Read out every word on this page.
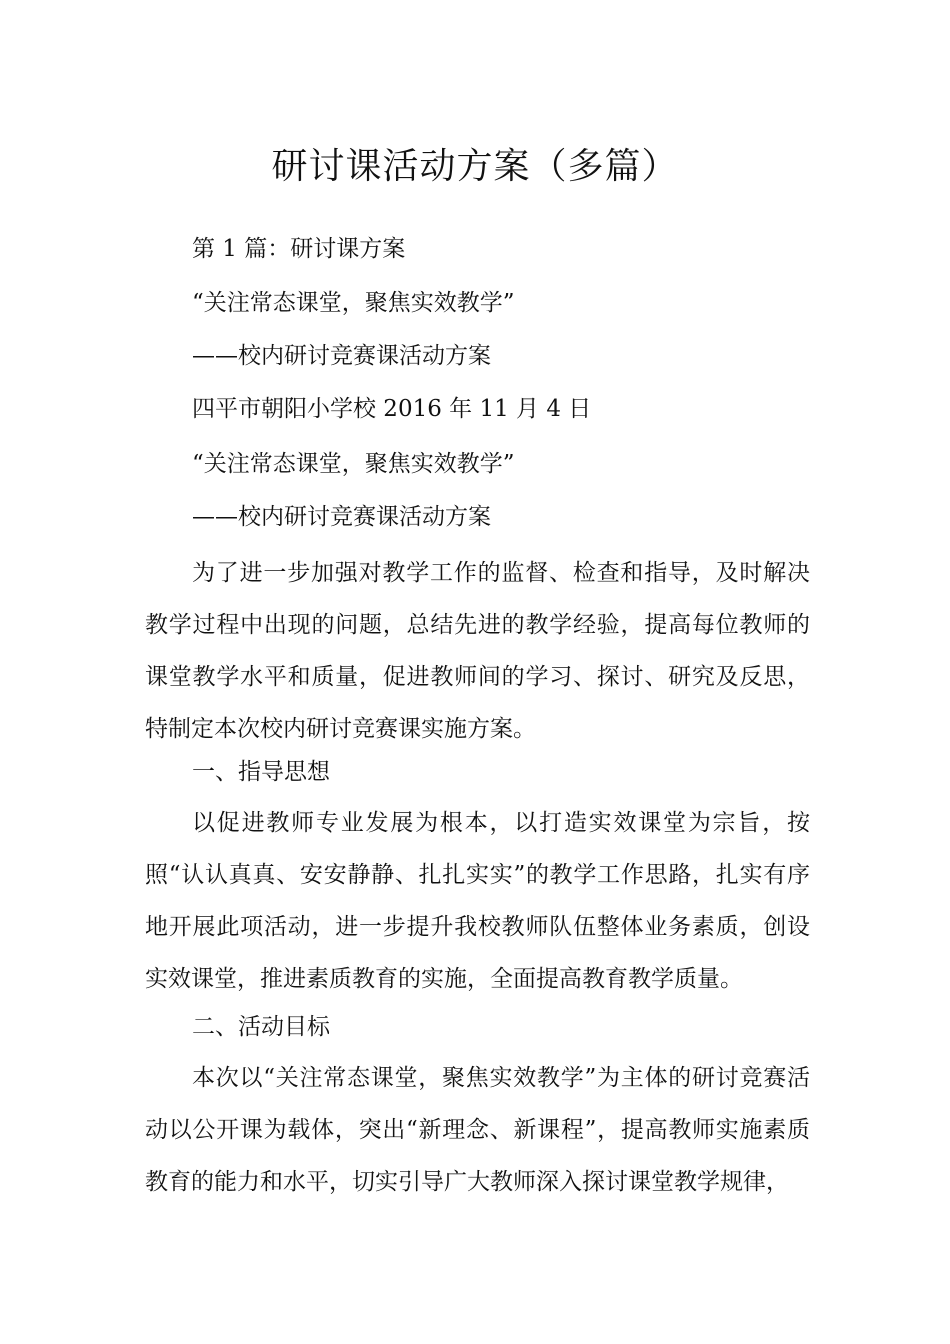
研讨课活动方案（多篇）
第 1 篇：研讨课方案
“关注常态课堂，聚焦实效教学”
——校内研讨竞赛课活动方案
四平市朝阳小学校 2016 年 11 月 4 日
“关注常态课堂，聚焦实效教学”
——校内研讨竞赛课活动方案

为了进一步加强对教学工作的监督、检查和指导，及时解决教学过程中出现的问题，总结先进的教学经验，提高每位教师的课堂教学水平和质量，促进教师间的学习、探讨、研究及反思，特制定本次校内研讨竞赛课实施方案。

一、指导思想

以促进教师专业发展为根本，以打造实效课堂为宗旨，按照“认认真真、安安静静、扎扎实实”的教学工作思路，扎实有序地开展此项活动，进一步提升我校教师队伍整体业务素质，创设实效课堂，推进素质教育的实施，全面提高教育教学质量。

二、活动目标

本次以“关注常态课堂，聚焦实效教学”为主体的研讨竞赛活动以公开课为载体，突出“新理念、新课程”，提高教师实施素质教育的能力和水平，切实引导广大教师深入探讨课堂教学规律，
